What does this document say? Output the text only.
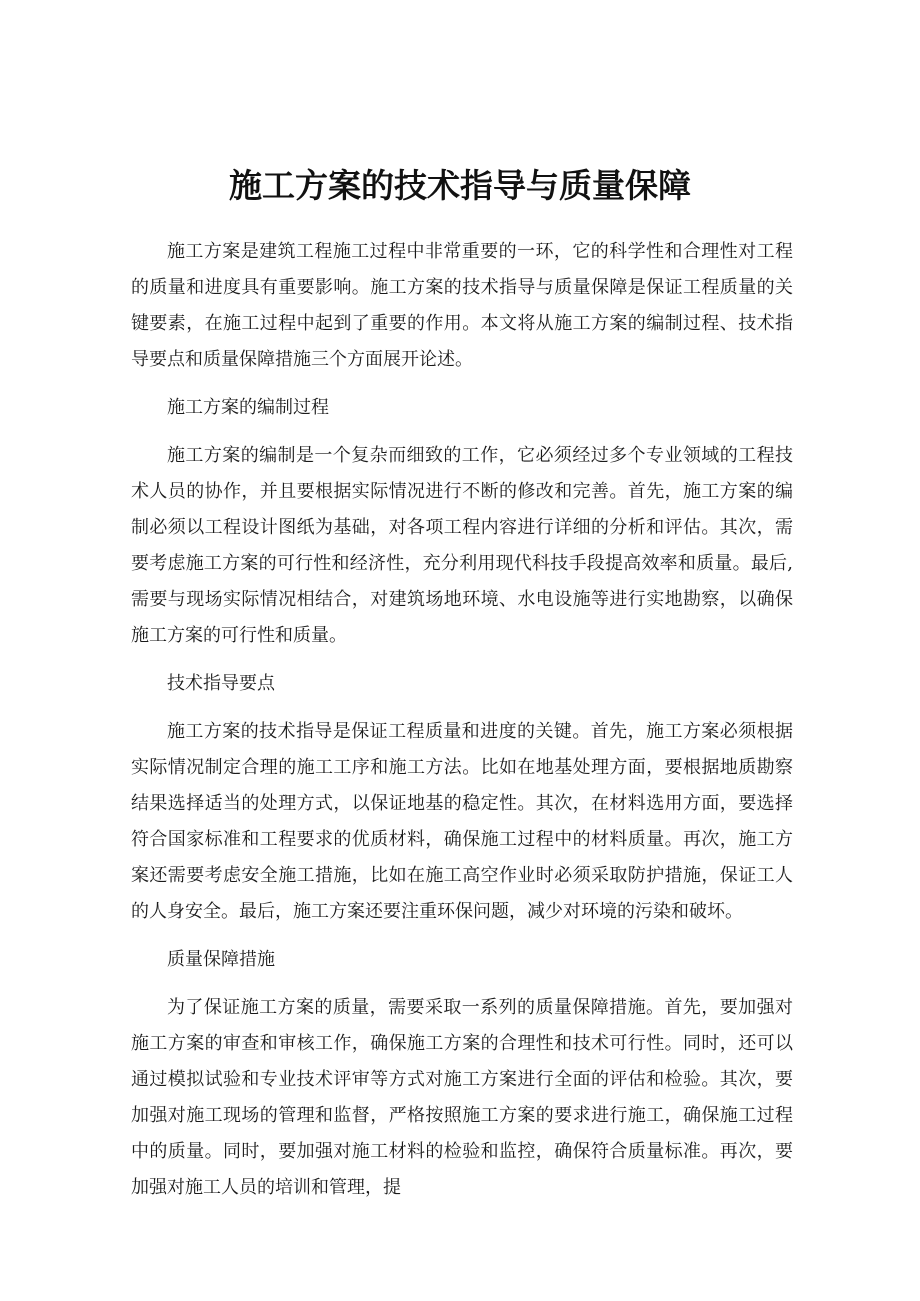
施工方案的技术指导与质量保障

施工方案是建筑工程施工过程中非常重要的一环，它的科学性和合理性对工程的质量和进度具有重要影响。施工方案的技术指导与质量保障是保证工程质量的关键要素，在施工过程中起到了重要的作用。本文将从施工方案的编制过程、技术指导要点和质量保障措施三个方面展开论述。

施工方案的编制过程

施工方案的编制是一个复杂而细致的工作，它必须经过多个专业领域的工程技术人员的协作，并且要根据实际情况进行不断的修改和完善。首先，施工方案的编制必须以工程设计图纸为基础，对各项工程内容进行详细的分析和评估。其次，需要考虑施工方案的可行性和经济性，充分利用现代科技手段提高效率和质量。最后,需要与现场实际情况相结合，对建筑场地环境、水电设施等进行实地勘察，以确保施工方案的可行性和质量。

技术指导要点

施工方案的技术指导是保证工程质量和进度的关键。首先，施工方案必须根据实际情况制定合理的施工工序和施工方法。比如在地基处理方面，要根据地质勘察结果选择适当的处理方式，以保证地基的稳定性。其次，在材料选用方面，要选择符合国家标准和工程要求的优质材料，确保施工过程中的材料质量。再次，施工方案还需要考虑安全施工措施，比如在施工高空作业时必须采取防护措施，保证工人的人身安全。最后，施工方案还要注重环保问题，减少对环境的污染和破坏。

质量保障措施

为了保证施工方案的质量，需要采取一系列的质量保障措施。首先，要加强对施工方案的审查和审核工作，确保施工方案的合理性和技术可行性。同时，还可以通过模拟试验和专业技术评审等方式对施工方案进行全面的评估和检验。其次，要加强对施工现场的管理和监督，严格按照施工方案的要求进行施工，确保施工过程中的质量。同时，要加强对施工材料的检验和监控，确保符合质量标准。再次，要加强对施工人员的培训和管理，提
